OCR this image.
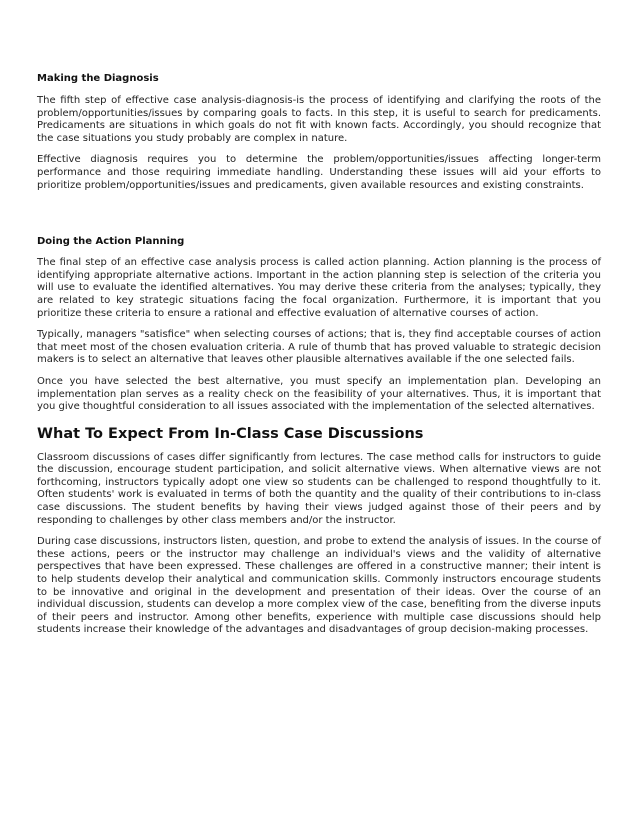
Making the Diagnosis

The fifth step of effective case analysis-diagnosis-is the process of identifying and clarifying the roots of the problem/opportunities/issues by comparing goals to facts. In this step, it is useful to search for predicaments. Predicaments are situations in which goals do not fit with known facts. Accordingly, you should recognize that the case situations you study probably are complex in nature.

Effective diagnosis requires you to determine the problem/opportunities/issues affecting longer-term performance and those requiring immediate handling. Understanding these issues will aid your efforts to prioritize problem/opportunities/issues and predicaments, given available resources and existing constraints.

Doing the Action Planning

The final step of an effective case analysis process is called action planning. Action planning is the process of identifying appropriate alternative actions. Important in the action planning step is selection of the criteria you will use to evaluate the identified alternatives. You may derive these criteria from the analyses; typically, they are related to key strategic situations facing the focal organization. Furthermore, it is important that you prioritize these criteria to ensure a rational and effective evaluation of alternative courses of action.

Typically, managers "satisfice" when selecting courses of actions; that is, they find acceptable courses of action that meet most of the chosen evaluation criteria. A rule of thumb that has proved valuable to strategic decision makers is to select an alternative that leaves other plausible alternatives available if the one selected fails.

Once you have selected the best alternative, you must specify an implementation plan. Developing an implementation plan serves as a reality check on the feasibility of your alternatives. Thus, it is important that you give thoughtful consideration to all issues associated with the implementation of the selected alternatives.

What To Expect From In-Class Case Discussions

Classroom discussions of cases differ significantly from lectures. The case method calls for instructors to guide the discussion, encourage student participation, and solicit alternative views. When alternative views are not forthcoming, instructors typically adopt one view so students can be challenged to respond thoughtfully to it. Often students' work is evaluated in terms of both the quantity and the quality of their contributions to in-class case discussions. The student benefits by having their views judged against those of their peers and by responding to challenges by other class members and/or the instructor.

During case discussions, instructors listen, question, and probe to extend the analysis of issues. In the course of these actions, peers or the instructor may challenge an individual's views and the validity of alternative perspectives that have been expressed. These challenges are offered in a constructive manner; their intent is to help students develop their analytical and communication skills. Commonly instructors encourage students to be innovative and original in the development and presentation of their ideas. Over the course of an individual discussion, students can develop a more complex view of the case, benefiting from the diverse inputs of their peers and instructor. Among other benefits, experience with multiple case discussions should help students increase their knowledge of the advantages and disadvantages of group decision-making processes.
